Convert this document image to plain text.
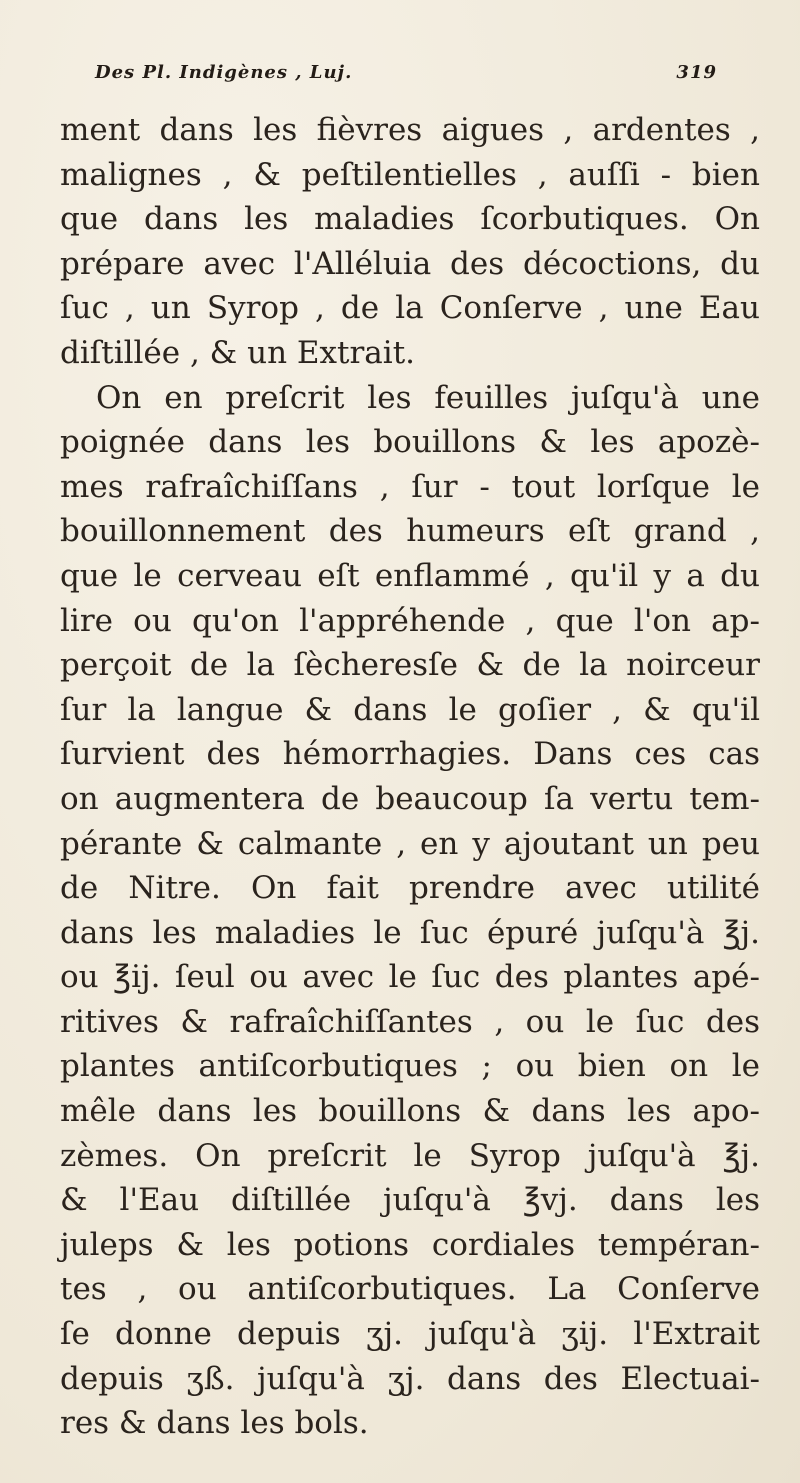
Des Pl. Indigènes , Luj.	319
ment dans les fièvres aigues , ardentes ,
malignes , & peſtilentielles , auſſi - bien
que dans les maladies ſcorbutiques. On
prépare avec l'Alléluia des décoctions, du
ſuc , un Syrop , de la Conſerve , une Eau
diſtillée , & un Extrait.
On en preſcrit les feuilles juſqu'à une
poignée dans les bouillons & les apozè-
mes rafraîchiſſans , ſur - tout lorſque le
bouillonnement des humeurs eſt grand ,
que le cerveau eſt enflammé , qu'il y a du
lire ou qu'on l'appréhende , que l'on ap-
perçoit de la ſècheresſe & de la noirceur
ſur la langue & dans le goſier , & qu'il
ſurvient des hémorrhagies. Dans ces cas
on augmentera de beaucoup ſa vertu tem-
pérante & calmante , en y ajoutant un peu
de Nitre. On fait prendre avec utilité
dans les maladies le ſuc épuré juſqu'à ℥j.
ou ℥ij. ſeul ou avec le ſuc des plantes apé-
ritives & rafraîchiſſantes , ou le ſuc des
plantes antiſcorbutiques ; ou bien on le
mêle dans les bouillons & dans les apo-
zèmes. On preſcrit le Syrop juſqu'à ℥j.
& l'Eau diſtillée juſqu'à ℥vj. dans les
juleps & les potions cordiales tempéran-
tes , ou antiſcorbutiques. La Conſerve
ſe donne depuis ʒj. juſqu'à ʒij. l'Extrait
depuis ʒß. juſqu'à ʒj. dans des Electuai-
res & dans les bols.
